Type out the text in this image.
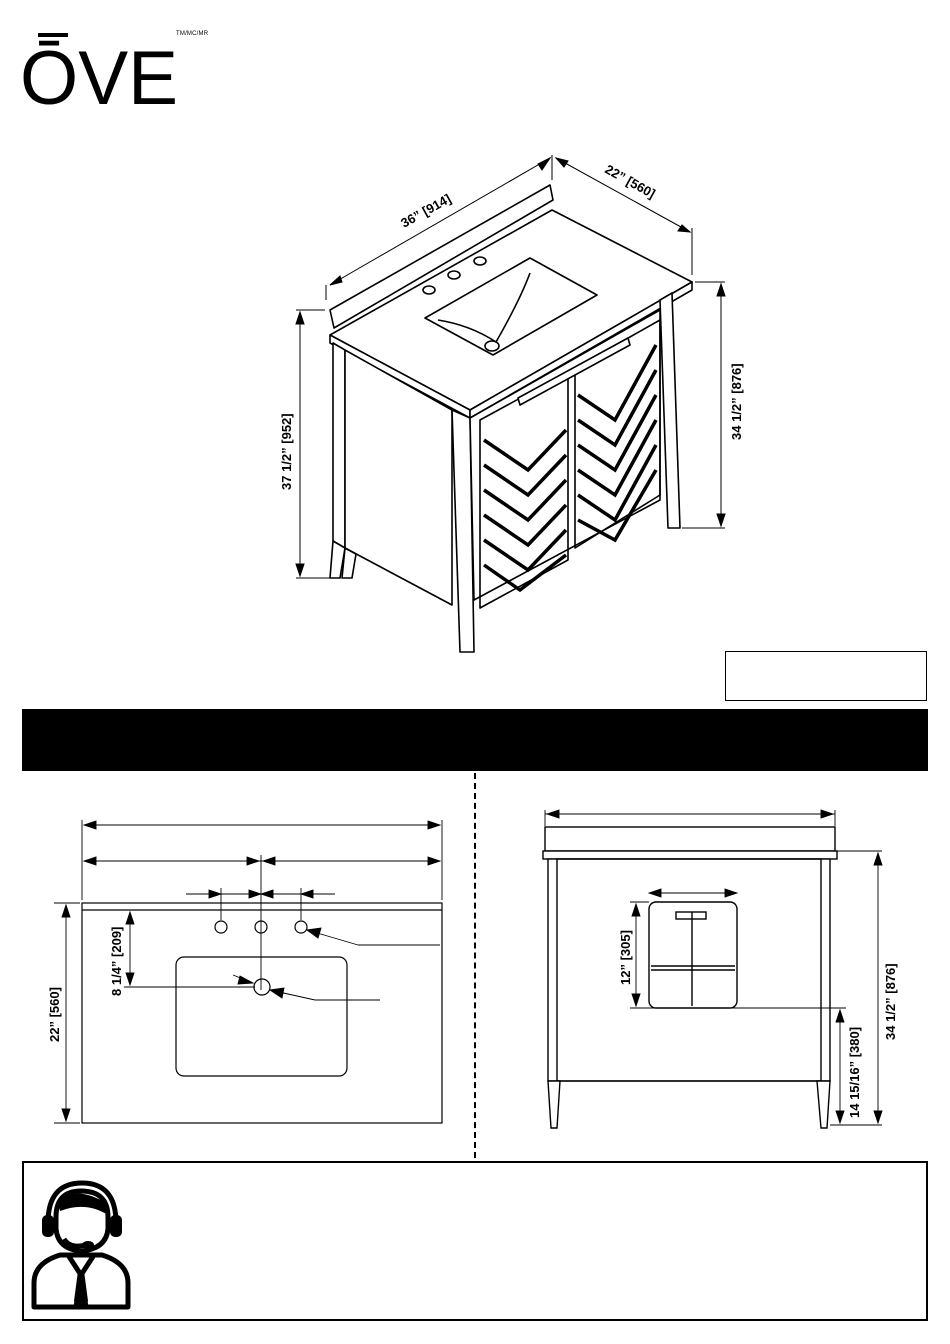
ŌVE
TM/MC/MR
36” [914]
22” [560]
37 1/2” [952]
34 1/2” [876]
22” [560]
8 1/4” [209]
34 1/2” [876]
12” [305]
14 15/16” [380]
